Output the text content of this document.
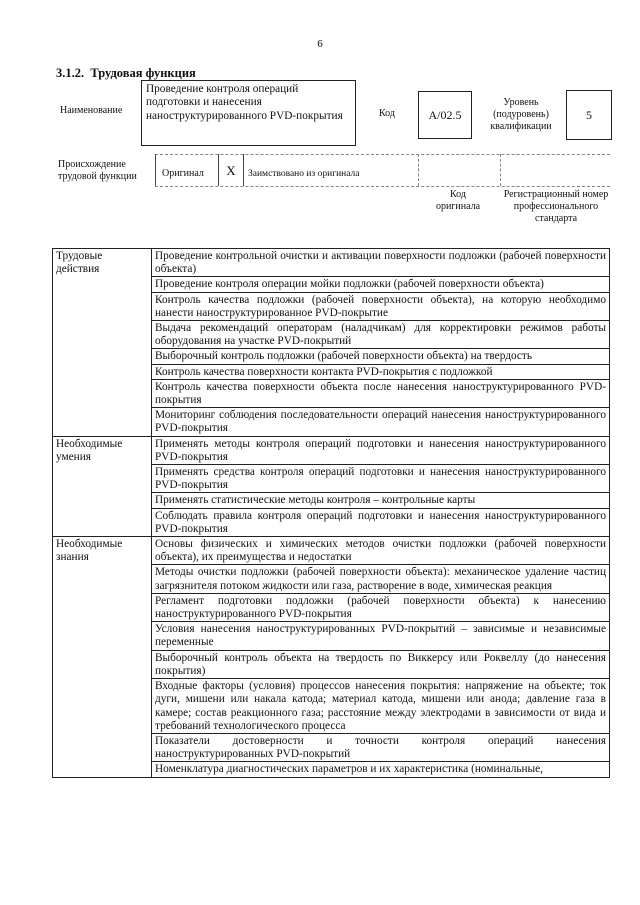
6
3.1.2. Трудовая функция
Наименование
Проведение контроля операций подготовки и нанесения наноструктурированного PVD-покрытия	Код	А/02.5
Уровень (подуровень) квалификации
5
Происхождение трудовой функции	Оригинал	X	Заимствовано из оригинала
Код оригинала
Регистрационный номер профессионального стандарта
Трудовые действия	Проведение контрольной очистки и активации поверхности подложки (рабочей поверхности объекта)
	Проведение контроля операции мойки подложки (рабочей поверхности объекта)
	Контроль качества подложки (рабочей поверхности объекта), на которую необходимо нанести наноструктурированное PVD-покрытие
	Выдача рекомендаций операторам (наладчикам) для корректировки режимов работы оборудования на участке PVD-покрытий
	Выборочный контроль подложки (рабочей поверхности объекта) на твердость
	Контроль качества поверхности контакта PVD-покрытия с подложкой
	Контроль качества поверхности объекта после нанесения наноструктурированного PVD-покрытия
	Мониторинг соблюдения последовательности операций нанесения наноструктурированного PVD-покрытия
Необходимые умения	Применять методы контроля операций подготовки и нанесения наноструктурированного PVD-покрытия
	Применять средства контроля операций подготовки и нанесения наноструктурированного PVD-покрытия
	Применять статистические методы контроля – контрольные карты
	Соблюдать правила контроля операций подготовки и нанесения наноструктурированного PVD-покрытия
Необходимые знания	Основы физических и химических методов очистки подложки (рабочей поверхности объекта), их преимущества и недостатки
	Методы очистки подложки (рабочей поверхности объекта): механическое удаление частиц загрязнителя потоком жидкости или газа, растворение в воде, химическая реакция
	Регламент подготовки подложки (рабочей поверхности объекта) к нанесению наноструктурированного PVD-покрытия
	Условия нанесения наноструктурированных PVD-покрытий – зависимые и независимые переменные
	Выборочный контроль объекта на твердость по Виккерсу или Роквеллу (до нанесения покрытия)
	Входные факторы (условия) процессов нанесения покрытия: напряжение на объекте; ток дуги, мишени или накала катода; материал катода, мишени или анода; давление газа в камере; состав реакционного газа; расстояние между электродами в зависимости от вида и требований технологического процесса
	Показатели достоверности и точности контроля операций нанесения наноструктурированных PVD-покрытий
	Номенклатура диагностических параметров и их характеристика (номинальные,
